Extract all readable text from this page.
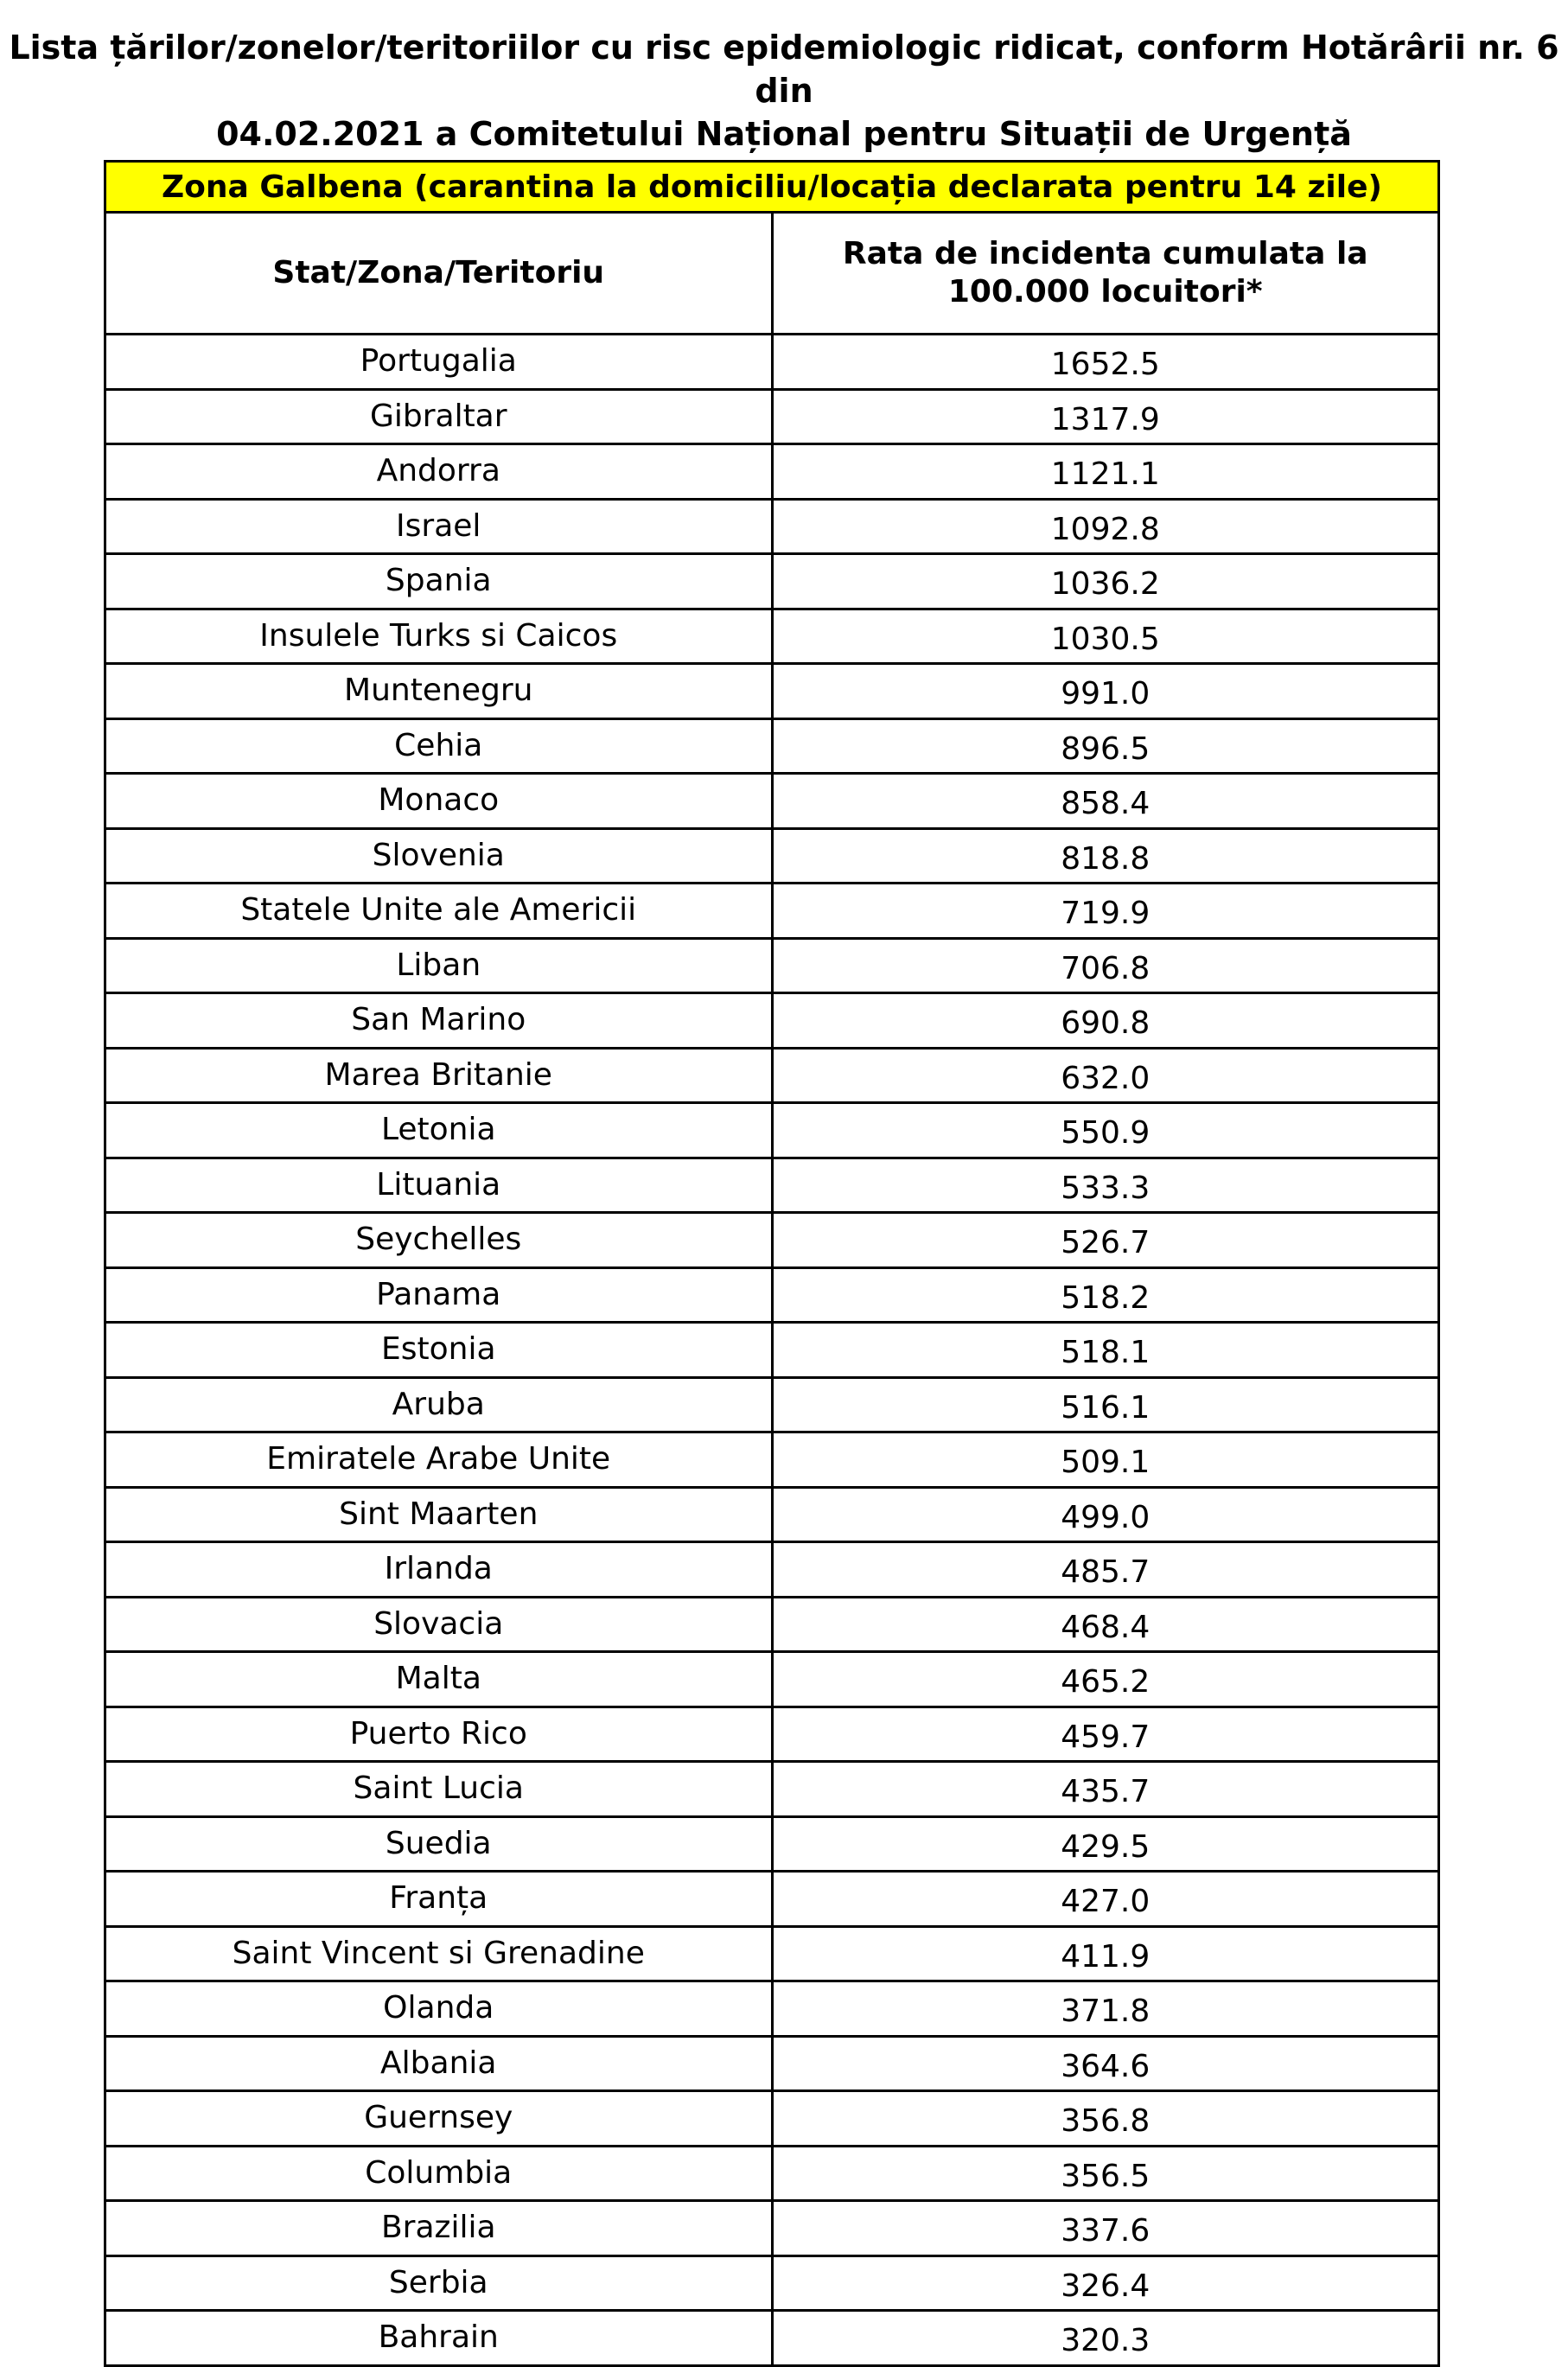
Lista țărilor/zonelor/teritoriilor cu risc epidemiologic ridicat, conform Hotărârii nr. 6 din
04.02.2021 a Comitetului Național pentru Situații de Urgență
Zona Galbena (carantina la domiciliu/locația declarata pentru 14 zile)	
Stat/Zona/Teritoriu	Rata de incidenta cumulata la
100.000 locuitori*
Portugalia	1652.5
Gibraltar	1317.9
Andorra	1121.1
Israel	1092.8
Spania	1036.2
Insulele Turks si Caicos	1030.5
Muntenegru	991.0
Cehia	896.5
Monaco	858.4
Slovenia	818.8
Statele Unite ale Americii	719.9
Liban	706.8
San Marino	690.8
Marea Britanie	632.0
Letonia	550.9
Lituania	533.3
Seychelles	526.7
Panama	518.2
Estonia	518.1
Aruba	516.1
Emiratele Arabe Unite	509.1
Sint Maarten	499.0
Irlanda	485.7
Slovacia	468.4
Malta	465.2
Puerto Rico	459.7
Saint Lucia	435.7
Suedia	429.5
Franța	427.0
Saint Vincent si Grenadine	411.9
Olanda	371.8
Albania	364.6
Guernsey	356.8
Columbia	356.5
Brazilia	337.6
Serbia	326.4
Bahrain	320.3
